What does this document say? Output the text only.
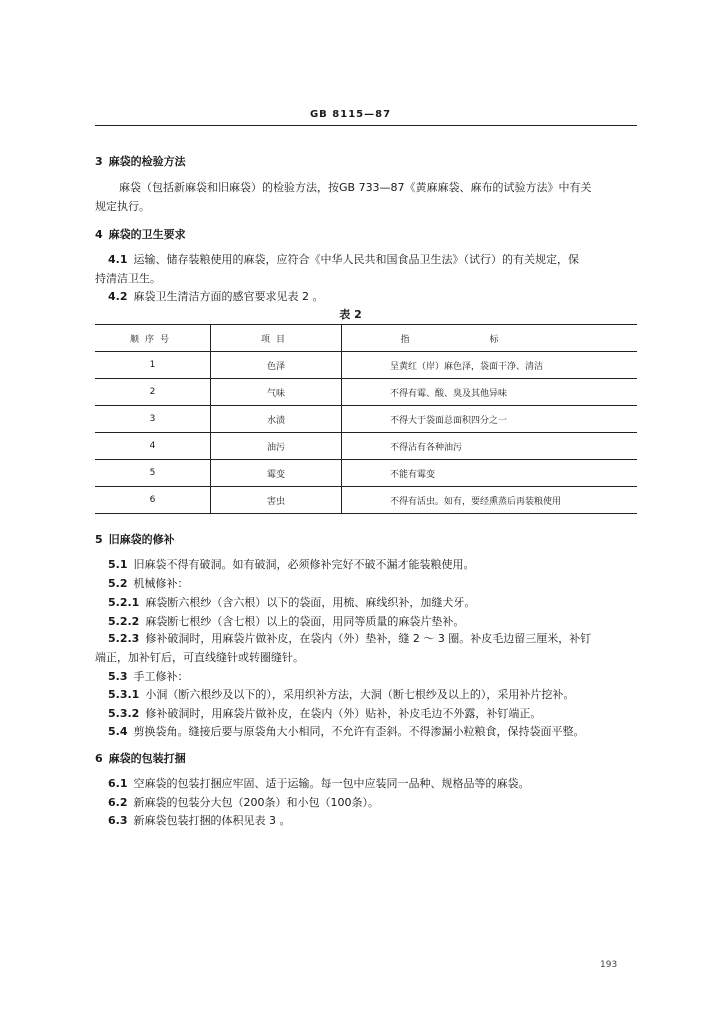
GB 8115—87
3 麻袋的检验方法
麻袋（包括新麻袋和旧麻袋）的检验方法，按GB 733—87《黄麻麻袋、麻布的试验方法》中有关
规定执行。
4 麻袋的卫生要求
4.1 运输、储存装粮使用的麻袋，应符合《中华人民共和国食品卫生法》（试行）的有关规定，保
持清洁卫生。
4.2 麻袋卫生清洁方面的感官要求见表 2 。
表 2
顺序号	项目	指标
1	色泽	呈黄红（岸）麻色泽，袋面干净、清洁
2	气味	不得有霉、酸、臭及其他异味
3	水渍	不得大于袋面总面积四分之一
4	油污	不得沾有各种油污
5	霉变	不能有霉变
6	害虫	不得有活虫。如有，要经熏蒸后再装粮使用
5 旧麻袋的修补
5.1 旧麻袋不得有破洞。如有破洞，必须修补完好不破不漏才能装粮使用。
5.2 机械修补：
5.2.1 麻袋断六根纱（含六根）以下的袋面，用梳、麻线织补，加缝犬牙。
5.2.2 麻袋断七根纱（含七根）以上的袋面，用同等质量的麻袋片垫补。
5.2.3 修补破洞时，用麻袋片做补皮，在袋内（外）垫补，缝 2 ～ 3 圈。补皮毛边留三厘米，补钉
端正，加补钉后，可直线缝针或转圈缝针。
5.3 手工修补：
5.3.1 小洞（断六根纱及以下的），采用织补方法，大洞（断七根纱及以上的），采用补片挖补。
5.3.2 修补破洞时，用麻袋片做补皮，在袋内（外）贴补，补皮毛边不外露，补钉端正。
5.4 剪换袋角。缝接后要与原袋角大小相同，不允许有歪斜。不得渗漏小粒粮食，保持袋面平整。
6 麻袋的包装打捆
6.1 空麻袋的包装打捆应牢固、适于运输。每一包中应装同一品种、规格品等的麻袋。
6.2 新麻袋的包装分大包（200条）和小包（100条）。
6.3 新麻袋包装打捆的体积见表 3 。
193
